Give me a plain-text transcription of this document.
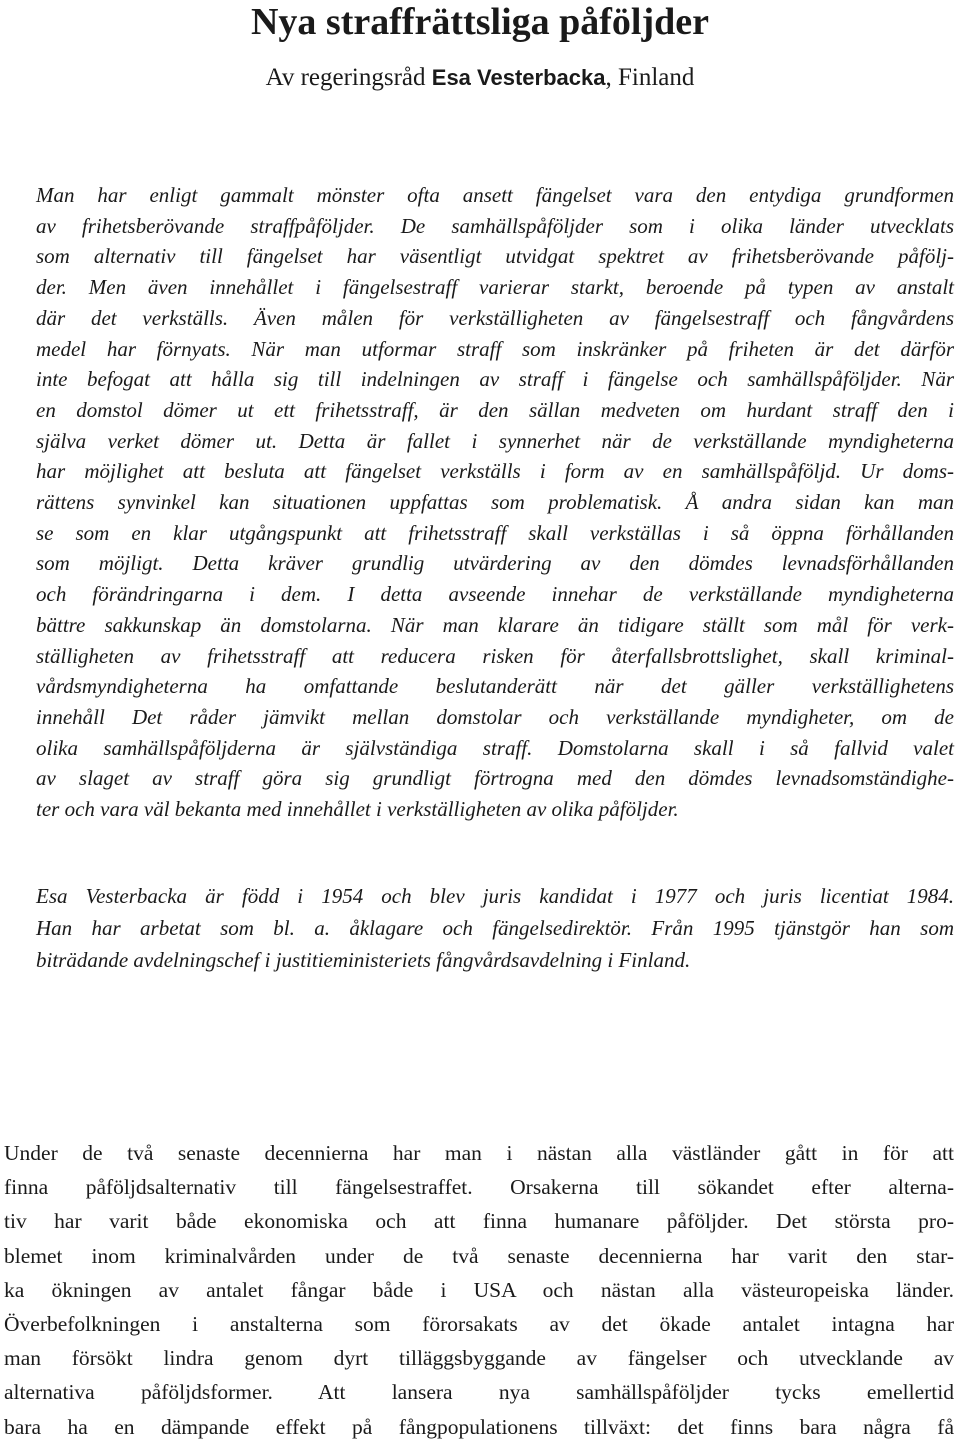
Nya straffrättsliga påföljder
Av regeringsråd Esa Vesterbacka, Finland
Man har enligt gammalt mönster ofta ansett fängelset vara den entydiga grundformen
av frihetsberövande straffpåföljder. De samhällspåföljder som i olika länder utvecklats
som alternativ till fängelset har väsentligt utvidgat spektret av frihetsberövande påfölj-
der. Men även innehållet i fängelsestraff varierar starkt, beroende på typen av anstalt
där det verkställs. Även målen för verkställigheten av fängelsestraff och fångvårdens
medel har förnyats. När man utformar straff som inskränker på friheten är det därför
inte befogat att hålla sig till indelningen av straff i fängelse och samhällspåföljder. När
en domstol dömer ut ett frihetsstraff, är den sällan medveten om hurdant straff den i
själva verket dömer ut. Detta är fallet i synnerhet när de verkställande myndigheterna
har möjlighet att besluta att fängelset verkställs i form av en samhällspåföljd. Ur doms-
rättens synvinkel kan situationen uppfattas som problematisk. Å andra sidan kan man
se som en klar utgångspunkt att frihetsstraff skall verkställas i så öppna förhållanden
som möjligt. Detta kräver grundlig utvärdering av den dömdes levnadsförhållanden
och förändringarna i dem. I detta avseende innehar de verkställande myndigheterna
bättre sakkunskap än domstolarna. När man klarare än tidigare ställt som mål för verk-
ställigheten av frihetsstraff att reducera risken för återfallsbrottslighet, skall kriminal-
vårdsmyndigheterna ha omfattande beslutanderätt när det gäller verkställighetens
innehåll Det råder jämvikt mellan domstolar och verkställande myndigheter, om de
olika samhällspåföljderna är självständiga straff. Domstolarna skall i så fallvid valet
av slaget av straff göra sig grundligt förtrogna med den dömdes levnadsomständighe-
ter och vara väl bekanta med innehållet i verkställigheten av olika påföljder.
Esa Vesterbacka är född i 1954 och blev juris kandidat i 1977 och juris licentiat 1984.
Han har arbetat som bl. a. åklagare och fängelsedirektör. Från 1995 tjänstgör han som
biträdande avdelningschef i justitieministeriets fångvårdsavdelning i Finland.
Under de två senaste decennierna har man i nästan alla västländer gått in för att
finna påföljdsalternativ till fängelsestraffet. Orsakerna till sökandet efter alterna-
tiv har varit både ekonomiska och att finna humanare påföljder. Det största pro-
blemet inom kriminalvården under de två senaste decennierna har varit den star-
ka ökningen av antalet fångar både i USA och nästan alla västeuropeiska länder.
Överbefolkningen i anstalterna som förorsakats av det ökade antalet intagna har
man försökt lindra genom dyrt tilläggsbyggande av fängelser och utvecklande av
alternativa påföljdsformer. Att lansera nya samhällspåföljder tycks emellertid
bara ha en dämpande effekt på fångpopulationens tillväxt: det finns bara några få
